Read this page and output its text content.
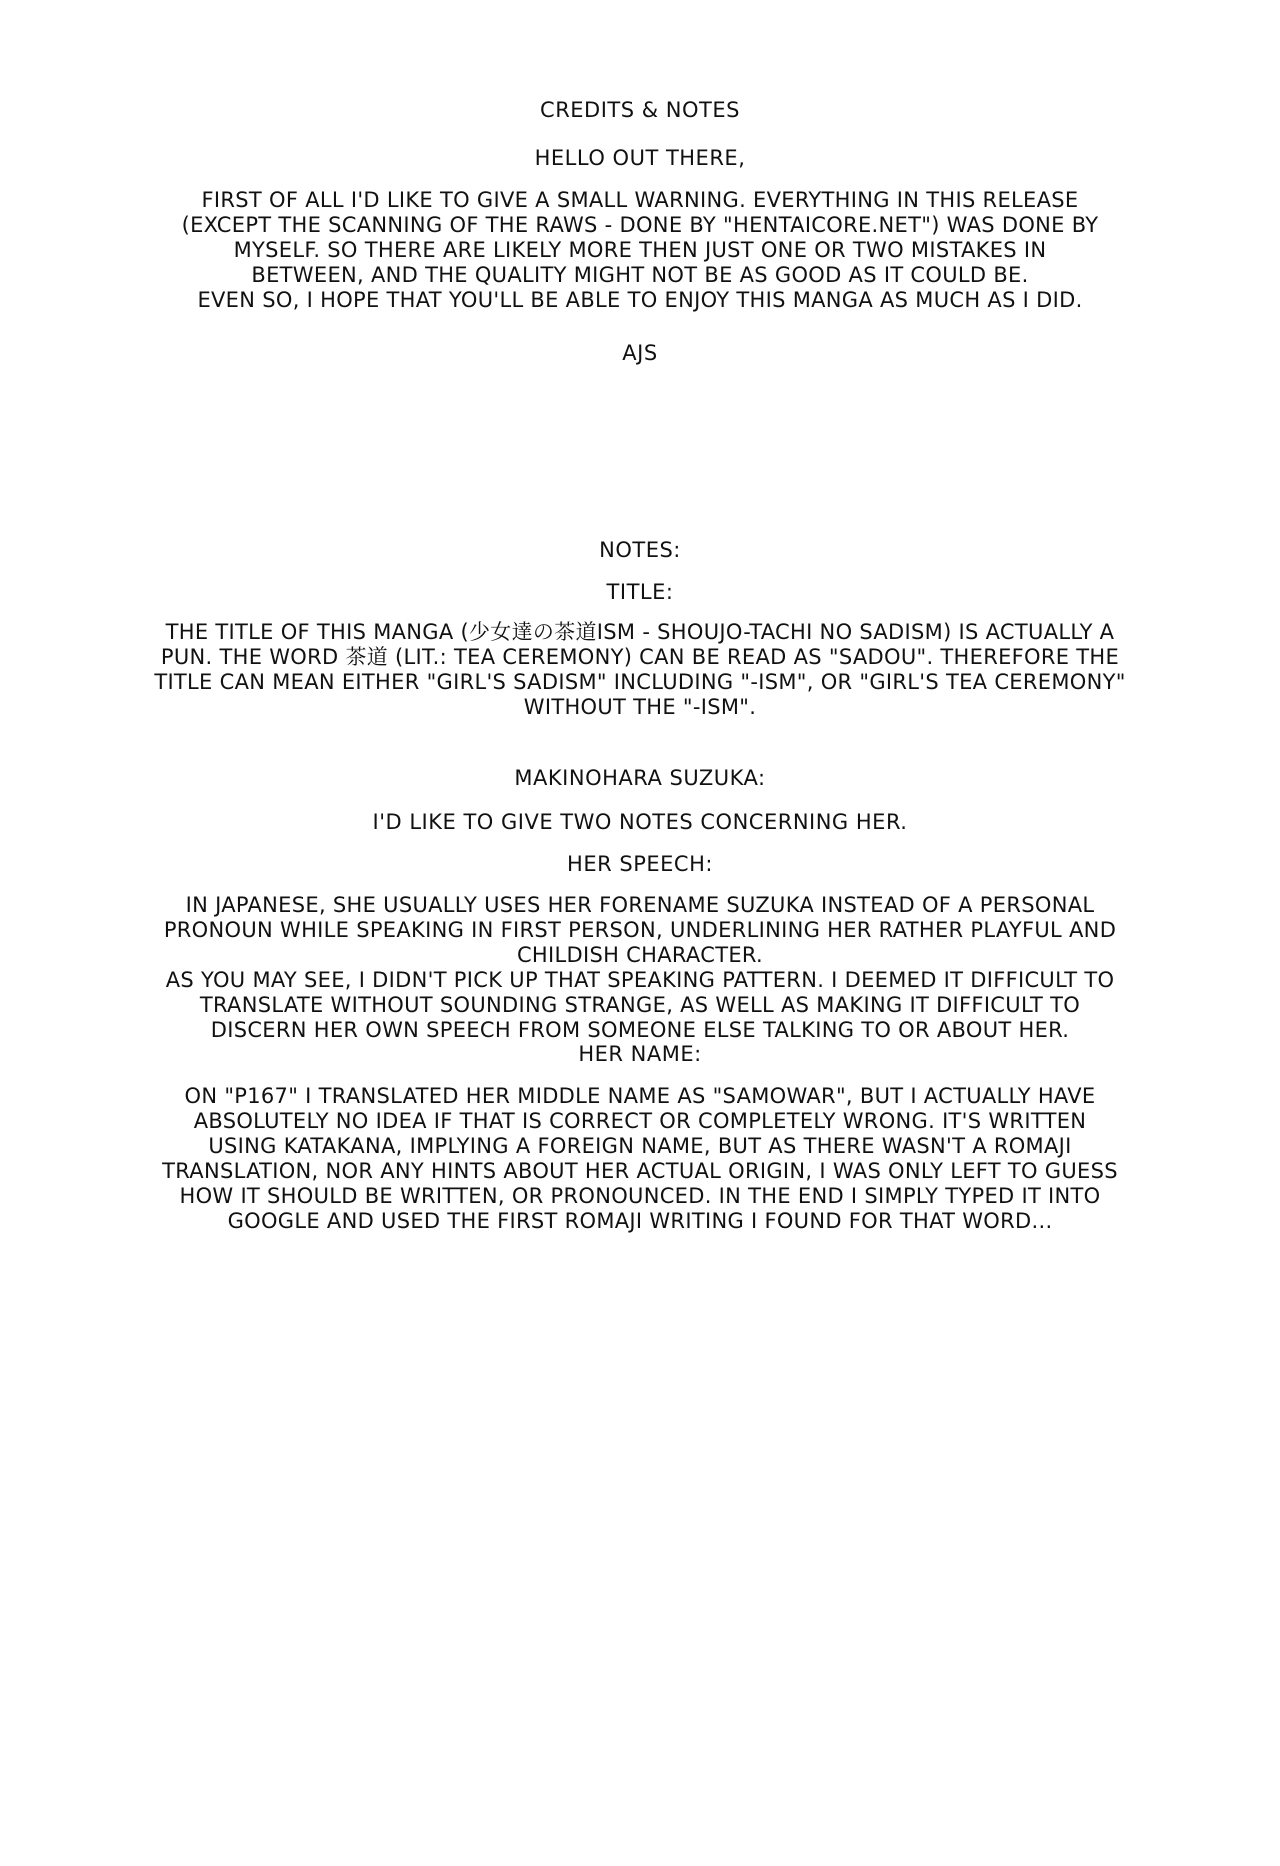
CREDITS & NOTES
HELLO OUT THERE,
FIRST OF ALL I'D LIKE TO GIVE A SMALL WARNING. EVERYTHING IN THIS RELEASE
(EXCEPT THE SCANNING OF THE RAWS - DONE BY "HENTAICORE.NET") WAS DONE BY
MYSELF. SO THERE ARE LIKELY MORE THEN JUST ONE OR TWO MISTAKES IN
BETWEEN, AND THE QUALITY MIGHT NOT BE AS GOOD AS IT COULD BE.
EVEN SO, I HOPE THAT YOU'LL BE ABLE TO ENJOY THIS MANGA AS MUCH AS I DID.
AJS
NOTES:
TITLE:
THE TITLE OF THIS MANGA (少女達の茶道ISM - SHOUJO-TACHI NO SADISM) IS ACTUALLY A
PUN. THE WORD 茶道 (LIT.: TEA CEREMONY) CAN BE READ AS "SADOU". THEREFORE THE
TITLE CAN MEAN EITHER "GIRL'S SADISM" INCLUDING "-ISM", OR "GIRL'S TEA CEREMONY"
WITHOUT THE "-ISM".
MAKINOHARA SUZUKA:
I'D LIKE TO GIVE TWO NOTES CONCERNING HER.
HER SPEECH:
IN JAPANESE, SHE USUALLY USES HER FORENAME SUZUKA INSTEAD OF A PERSONAL
PRONOUN WHILE SPEAKING IN FIRST PERSON, UNDERLINING HER RATHER PLAYFUL AND
CHILDISH CHARACTER.
AS YOU MAY SEE, I DIDN'T PICK UP THAT SPEAKING PATTERN. I DEEMED IT DIFFICULT TO
TRANSLATE WITHOUT SOUNDING STRANGE, AS WELL AS MAKING IT DIFFICULT TO
DISCERN HER OWN SPEECH FROM SOMEONE ELSE TALKING TO OR ABOUT HER.
HER NAME:
ON "P167" I TRANSLATED HER MIDDLE NAME AS "SAMOWAR", BUT I ACTUALLY HAVE
ABSOLUTELY NO IDEA IF THAT IS CORRECT OR COMPLETELY WRONG. IT'S WRITTEN
USING KATAKANA, IMPLYING A FOREIGN NAME, BUT AS THERE WASN'T A ROMAJI
TRANSLATION, NOR ANY HINTS ABOUT HER ACTUAL ORIGIN, I WAS ONLY LEFT TO GUESS
HOW IT SHOULD BE WRITTEN, OR PRONOUNCED. IN THE END I SIMPLY TYPED IT INTO
GOOGLE AND USED THE FIRST ROMAJI WRITING I FOUND FOR THAT WORD...
